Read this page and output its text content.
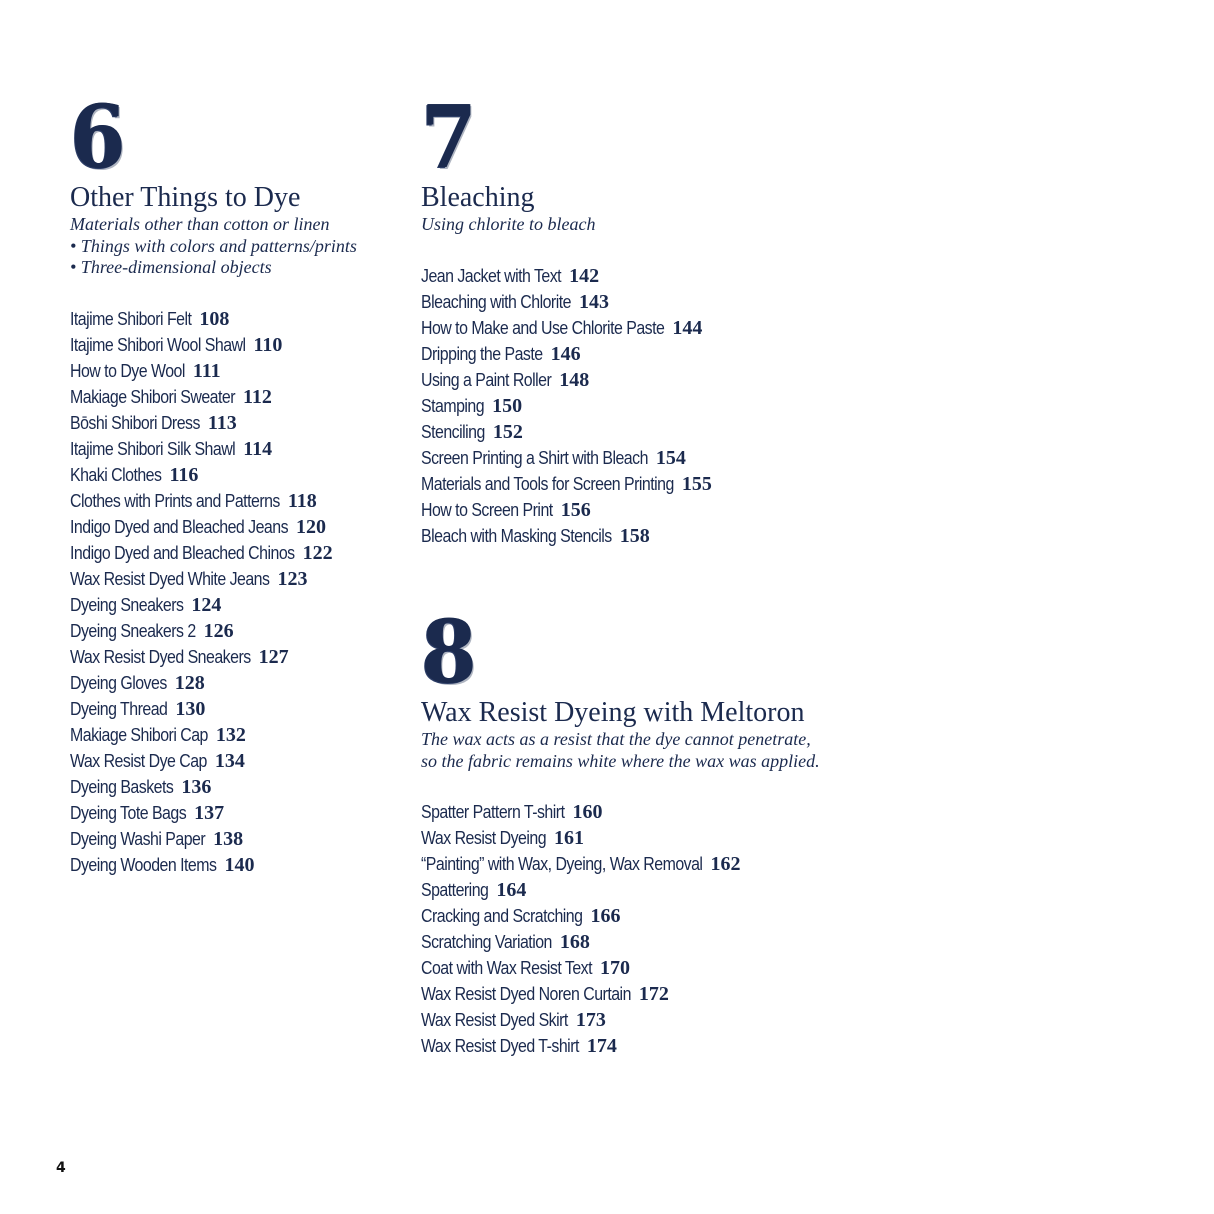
6
Other Things to Dye
Materials other than cotton or linen
• Things with colors and patterns/prints
• Three-dimensional objects
Itajime Shibori Felt 108
Itajime Shibori Wool Shawl 110
How to Dye Wool 111
Makiage Shibori Sweater 112
Bōshi Shibori Dress 113
Itajime Shibori Silk Shawl 114
Khaki Clothes 116
Clothes with Prints and Patterns 118
Indigo Dyed and Bleached Jeans 120
Indigo Dyed and Bleached Chinos 122
Wax Resist Dyed White Jeans 123
Dyeing Sneakers 124
Dyeing Sneakers 2 126
Wax Resist Dyed Sneakers 127
Dyeing Gloves 128
Dyeing Thread 130
Makiage Shibori Cap 132
Wax Resist Dye Cap 134
Dyeing Baskets 136
Dyeing Tote Bags 137
Dyeing Washi Paper 138
Dyeing Wooden Items 140
7
Bleaching
Using chlorite to bleach
Jean Jacket with Text 142
Bleaching with Chlorite 143
How to Make and Use Chlorite Paste 144
Dripping the Paste 146
Using a Paint Roller 148
Stamping 150
Stenciling 152
Screen Printing a Shirt with Bleach 154
Materials and Tools for Screen Printing 155
How to Screen Print 156
Bleach with Masking Stencils 158
8
Wax Resist Dyeing with Meltoron
The wax acts as a resist that the dye cannot penetrate,
so the fabric remains white where the wax was applied.
Spatter Pattern T-shirt 160
Wax Resist Dyeing 161
“Painting” with Wax, Dyeing, Wax Removal 162
Spattering 164
Cracking and Scratching 166
Scratching Variation 168
Coat with Wax Resist Text 170
Wax Resist Dyed Noren Curtain 172
Wax Resist Dyed Skirt 173
Wax Resist Dyed T-shirt 174
4
